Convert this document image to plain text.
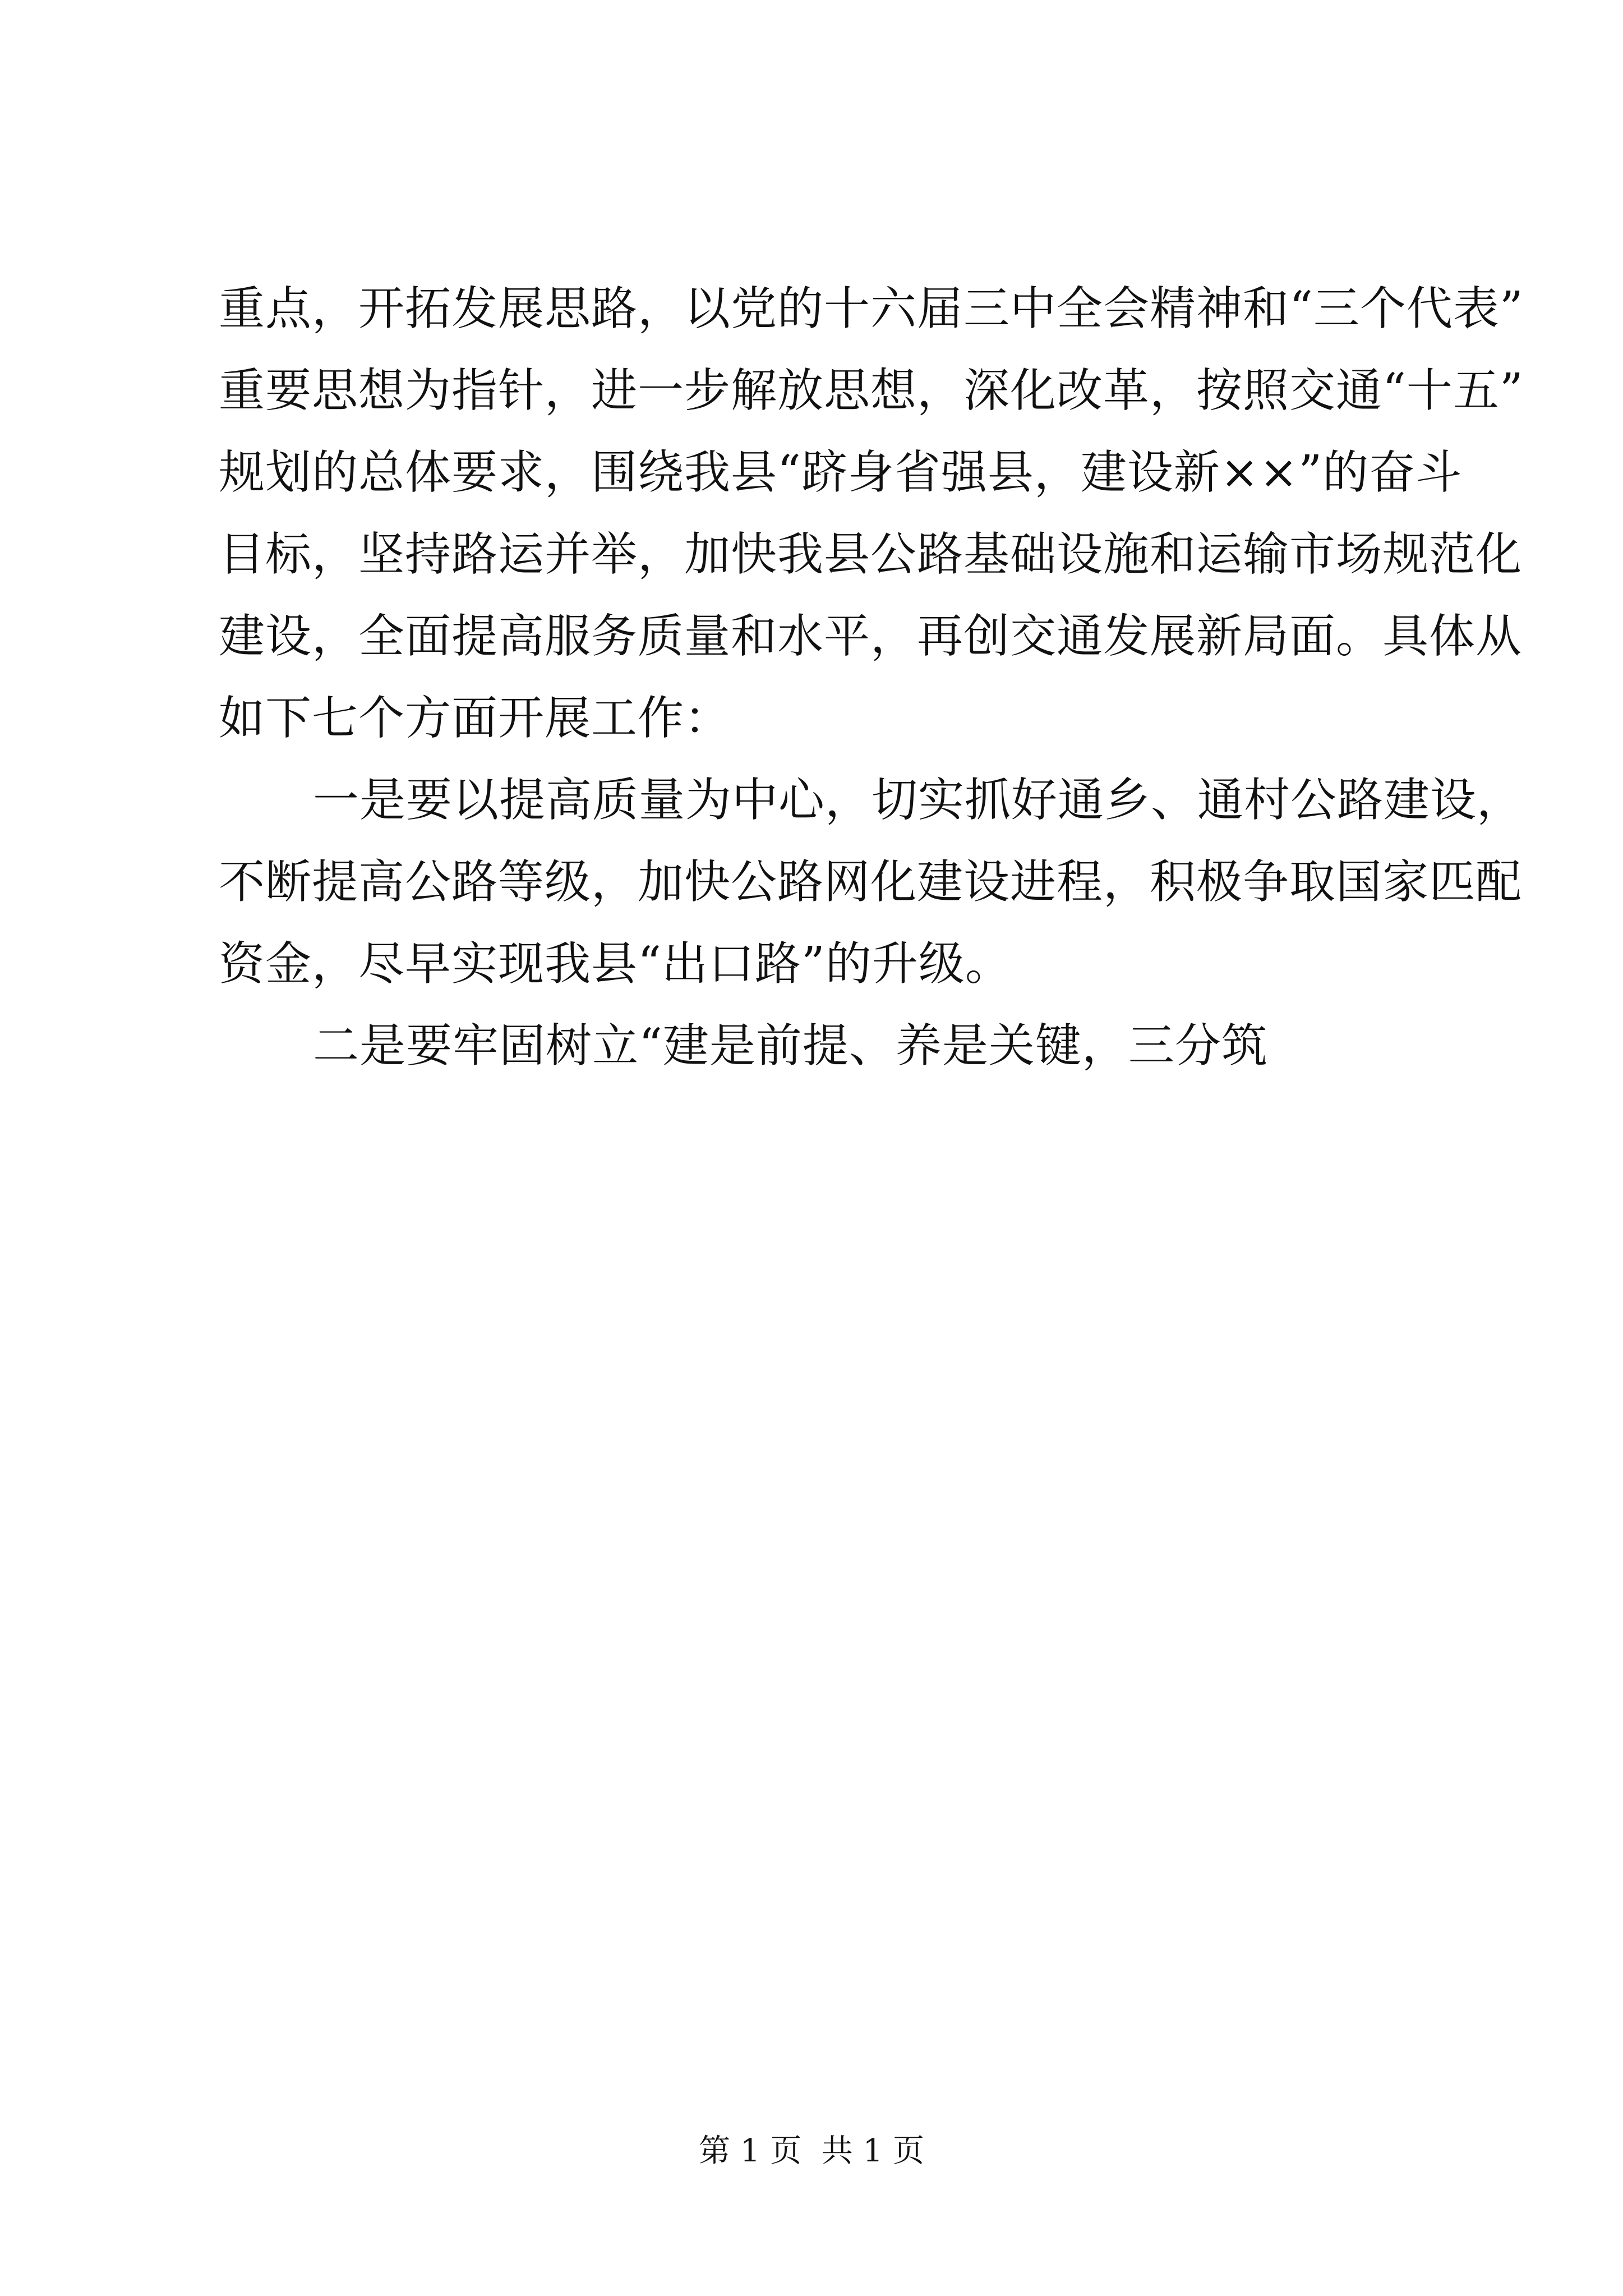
重点，开拓发展思路，以党的十六届三中全会精神和“三个代表”
重要思想为指针，进一步解放思想，深化改革，按照交通“十五”
规划的总体要求，围绕我县“跻身省强县，建设新××”的奋斗
目标，坚持路运并举，加快我县公路基础设施和运输市场规范化
建设，全面提高服务质量和水平，再创交通发展新局面。具体从
如下七个方面开展工作：
一是要以提高质量为中心，切实抓好通乡、通村公路建设，
不断提高公路等级，加快公路网化建设进程，积极争取国家匹配
资金，尽早实现我县“出口路”的升级。
二是要牢固树立“建是前提、养是关键，三分筑
第 1 页  共 1 页
